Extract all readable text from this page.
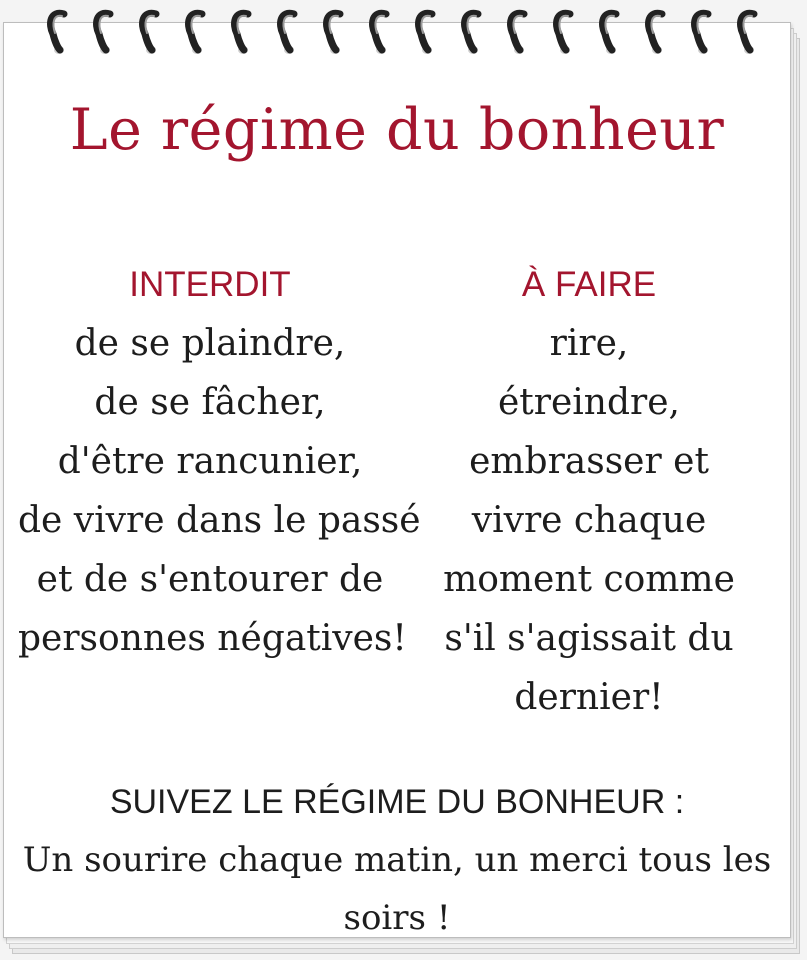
Le régime du bonheur
INTERDIT
de se plaindre,
de se fâcher,
d'être rancunier,
de vivre dans le passé
et de s'entourer de
personnes négatives!
À FAIRE
rire,
étreindre,
embrasser et
vivre chaque
moment comme
s'il s'agissait du
dernier!
SUIVEZ LE RÉGIME DU BONHEUR :
Un sourire chaque matin, un merci tous les
soirs !
